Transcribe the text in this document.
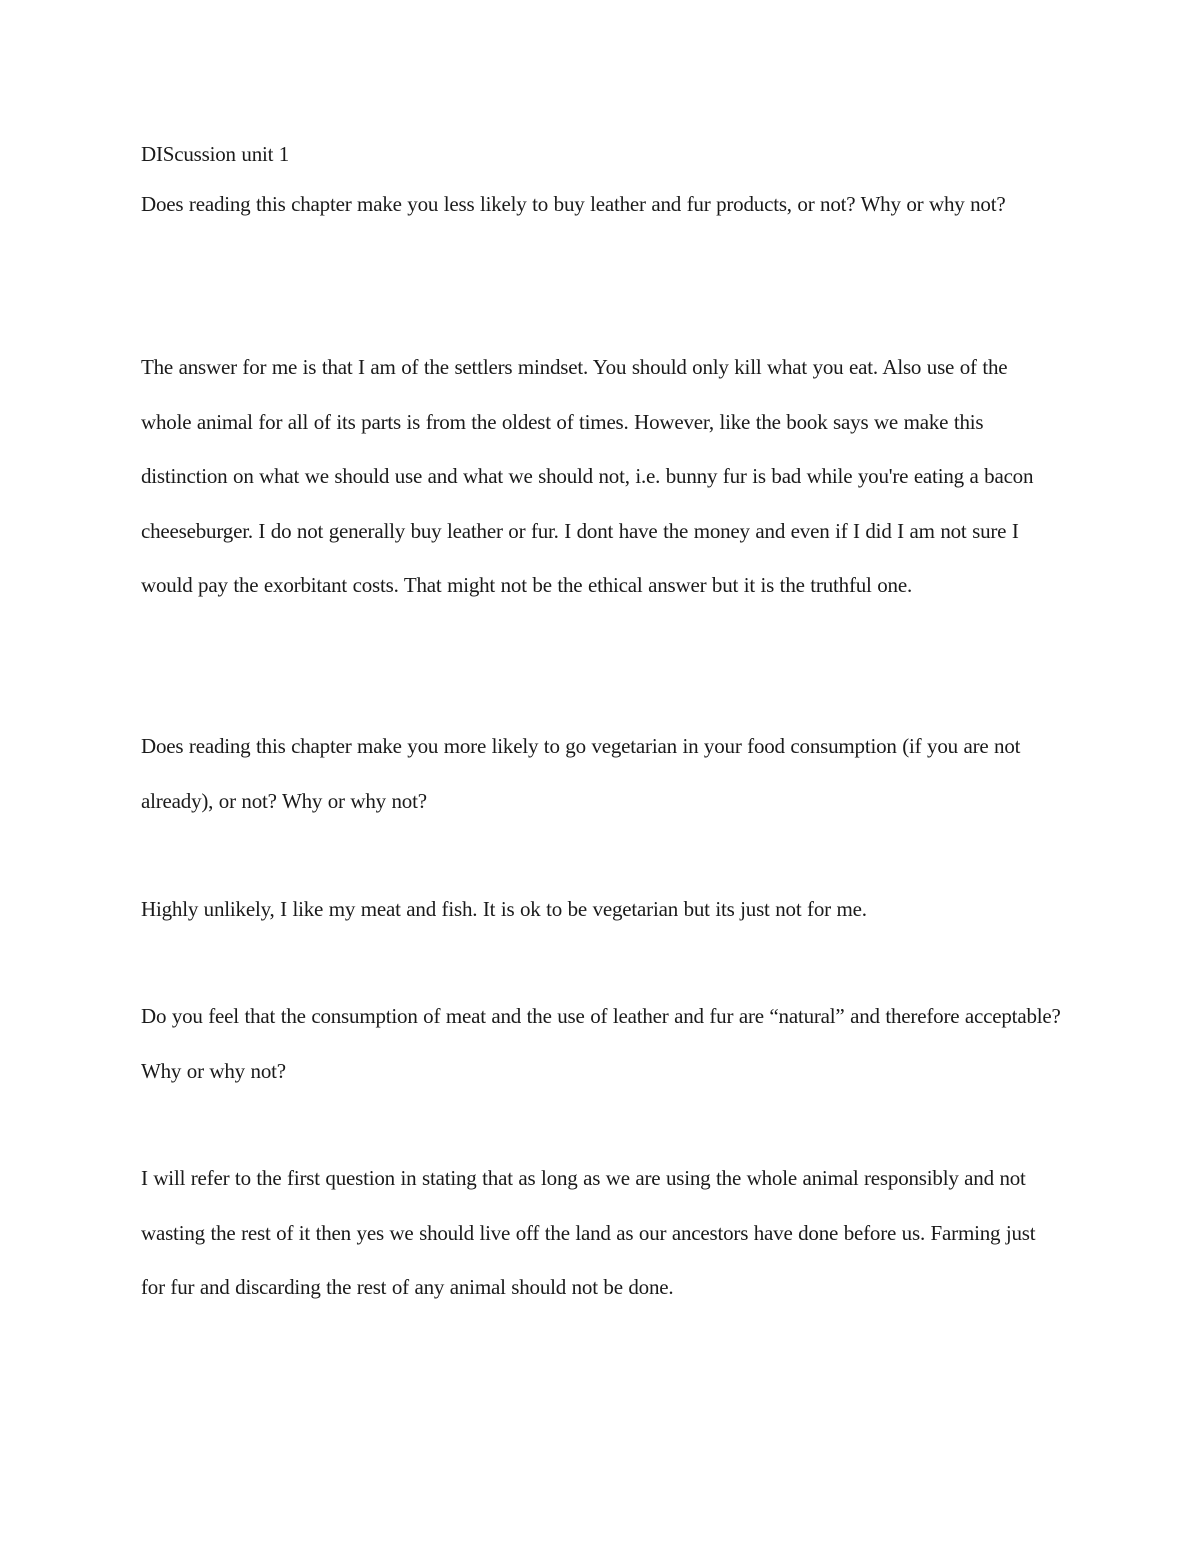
DIScussion unit 1

Does reading this chapter make you less likely to buy leather and fur products, or not? Why or why not?

The answer for me is that I am of the settlers mindset. You should only kill what you eat. Also use of the whole animal for all of its parts is from the oldest of times. However, like the book says we make this distinction on what we should use and what we should not, i.e. bunny fur is bad while you're eating a bacon cheeseburger. I do not generally buy leather or fur. I dont have the money and even if I did I am not sure I would pay the exorbitant costs. That might not be the ethical answer but it is the truthful one.

Does reading this chapter make you more likely to go vegetarian in your food consumption (if you are not already), or not? Why or why not?

Highly unlikely, I like my meat and fish. It is ok to be vegetarian but its just not for me.

Do you feel that the consumption of meat and the use of leather and fur are “natural” and therefore acceptable? Why or why not?

I will refer to the first question in stating that as long as we are using the whole animal responsibly and not wasting the rest of it then yes we should live off the land as our ancestors have done before us. Farming just for fur and discarding the rest of any animal should not be done.
